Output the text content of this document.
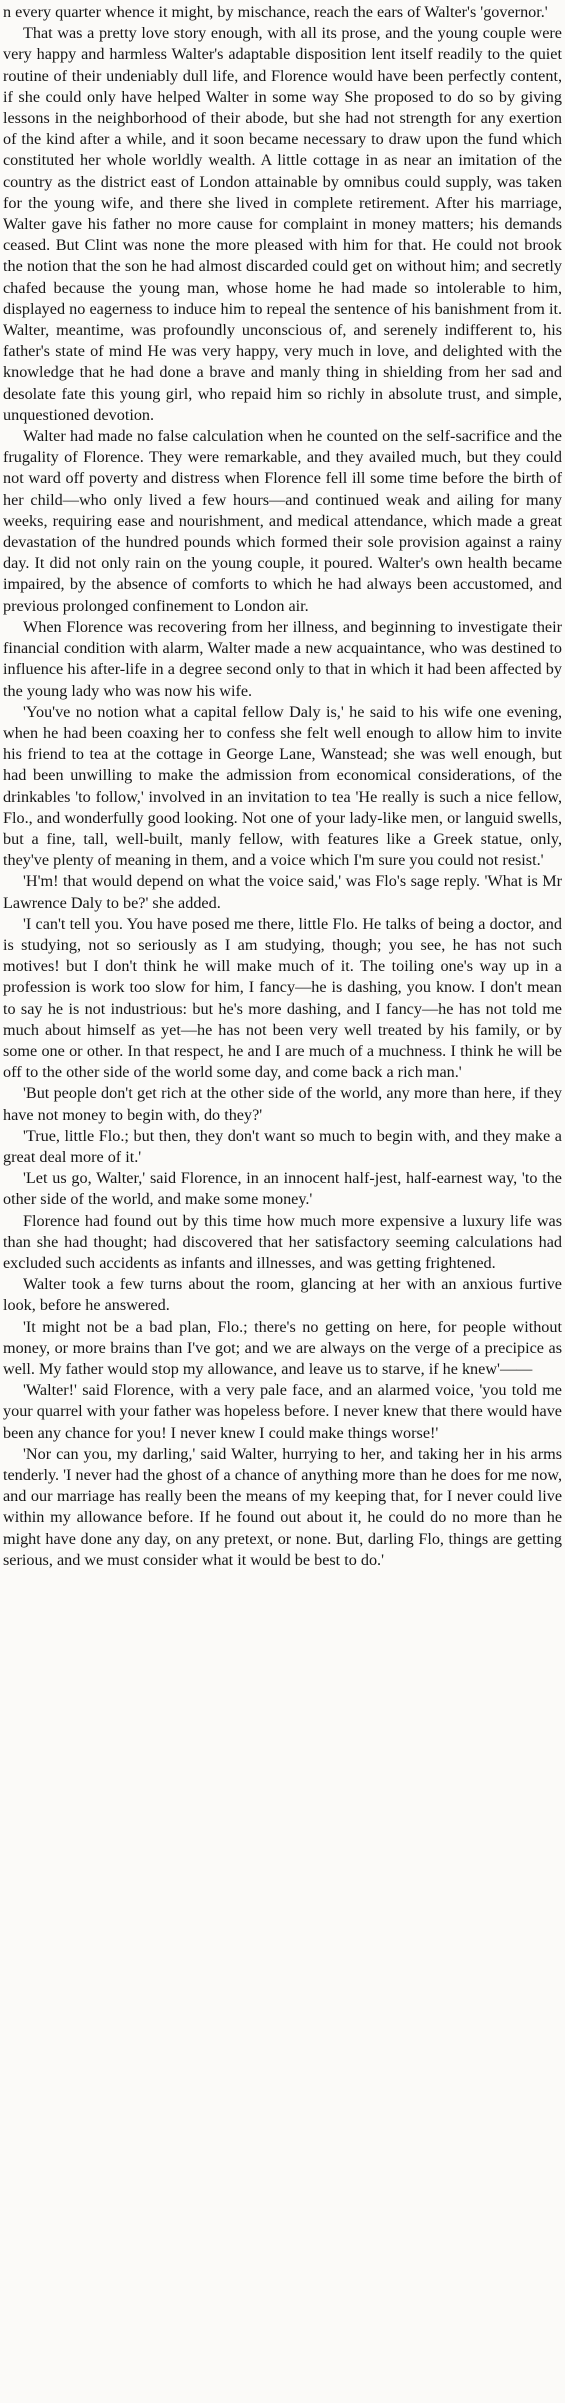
n every quarter whence it might, by mischance, reach the ears of Walter's 'governor.'

That was a pretty love story enough, with all its prose, and the young couple were very happy and harmless Walter's adaptable disposition lent itself readily to the quiet routine of their undeniably dull life, and Florence would have been perfectly content, if she could only have helped Walter in some way She proposed to do so by giving lessons in the neighborhood of their abode, but she had not strength for any exertion of the kind after a while, and it soon became necessary to draw upon the fund which constituted her whole worldly wealth. A little cottage in as near an imitation of the country as the district east of London attainable by omnibus could supply, was taken for the young wife, and there she lived in complete retirement. After his marriage, Walter gave his father no more cause for complaint in money matters; his demands ceased. But Clint was none the more pleased with him for that. He could not brook the notion that the son he had almost discarded could get on without him; and secretly chafed because the young man, whose home he had made so intolerable to him, displayed no eagerness to induce him to repeal the sentence of his banishment from it. Walter, meantime, was profoundly unconscious of, and serenely indifferent to, his father's state of mind He was very happy, very much in love, and delighted with the knowledge that he had done a brave and manly thing in shielding from her sad and desolate fate this young girl, who repaid him so richly in absolute trust, and simple, unquestioned devotion.

Walter had made no false calculation when he counted on the self-sacrifice and the frugality of Florence. They were remarkable, and they availed much, but they could not ward off poverty and distress when Florence fell ill some time before the birth of her child—who only lived a few hours—and continued weak and ailing for many weeks, requiring ease and nourishment, and medical attendance, which made a great devastation of the hundred pounds which formed their sole provision against a rainy day. It did not only rain on the young couple, it poured. Walter's own health became impaired, by the absence of comforts to which he had always been accustomed, and previous prolonged confinement to London air.

When Florence was recovering from her illness, and beginning to investigate their financial condition with alarm, Walter made a new acquaintance, who was destined to influence his after-life in a degree second only to that in which it had been affected by the young lady who was now his wife.

'You've no notion what a capital fellow Daly is,' he said to his wife one evening, when he had been coaxing her to confess she felt well enough to allow him to invite his friend to tea at the cottage in George Lane, Wanstead; she was well enough, but had been unwilling to make the admission from economical considerations, of the drinkables 'to follow,' involved in an invitation to tea 'He really is such a nice fellow, Flo., and wonderfully good looking. Not one of your lady-like men, or languid swells, but a fine, tall, well-built, manly fellow, with features like a Greek statue, only, they've plenty of meaning in them, and a voice which I'm sure you could not resist.'

'H'm! that would depend on what the voice said,' was Flo's sage reply. 'What is Mr Lawrence Daly to be?' she added.

'I can't tell you. You have posed me there, little Flo. He talks of being a doctor, and is studying, not so seriously as I am studying, though; you see, he has not such motives! but I don't think he will make much of it. The toiling one's way up in a profession is work too slow for him, I fancy—he is dashing, you know. I don't mean to say he is not industrious: but he's more dashing, and I fancy—he has not told me much about himself as yet—he has not been very well treated by his family, or by some one or other. In that respect, he and I are much of a muchness. I think he will be off to the other side of the world some day, and come back a rich man.'

'But people don't get rich at the other side of the world, any more than here, if they have not money to begin with, do they?'

'True, little Flo.; but then, they don't want so much to begin with, and they make a great deal more of it.'

'Let us go, Walter,' said Florence, in an innocent half-jest, half-earnest way, 'to the other side of the world, and make some money.'

Florence had found out by this time how much more expensive a luxury life was than she had thought; had discovered that her satisfactory seeming calculations had excluded such accidents as infants and illnesses, and was getting frightened.

Walter took a few turns about the room, glancing at her with an anxious furtive look, before he answered.

'It might not be a bad plan, Flo.; there's no getting on here, for people without money, or more brains than I've got; and we are always on the verge of a precipice as well. My father would stop my allowance, and leave us to starve, if he knew'——

'Walter!' said Florence, with a very pale face, and an alarmed voice, 'you told me your quarrel with your father was hopeless before. I never knew that there would have been any chance for you! I never knew I could make things worse!'

'Nor can you, my darling,' said Walter, hurrying to her, and taking her in his arms tenderly. 'I never had the ghost of a chance of anything more than he does for me now, and our marriage has really been the means of my keeping that, for I never could live within my allowance before. If he found out about it, he could do no more than he might have done any day, on any pretext, or none. But, darling Flo, things are getting serious, and we must consider what it would be best to do.'
